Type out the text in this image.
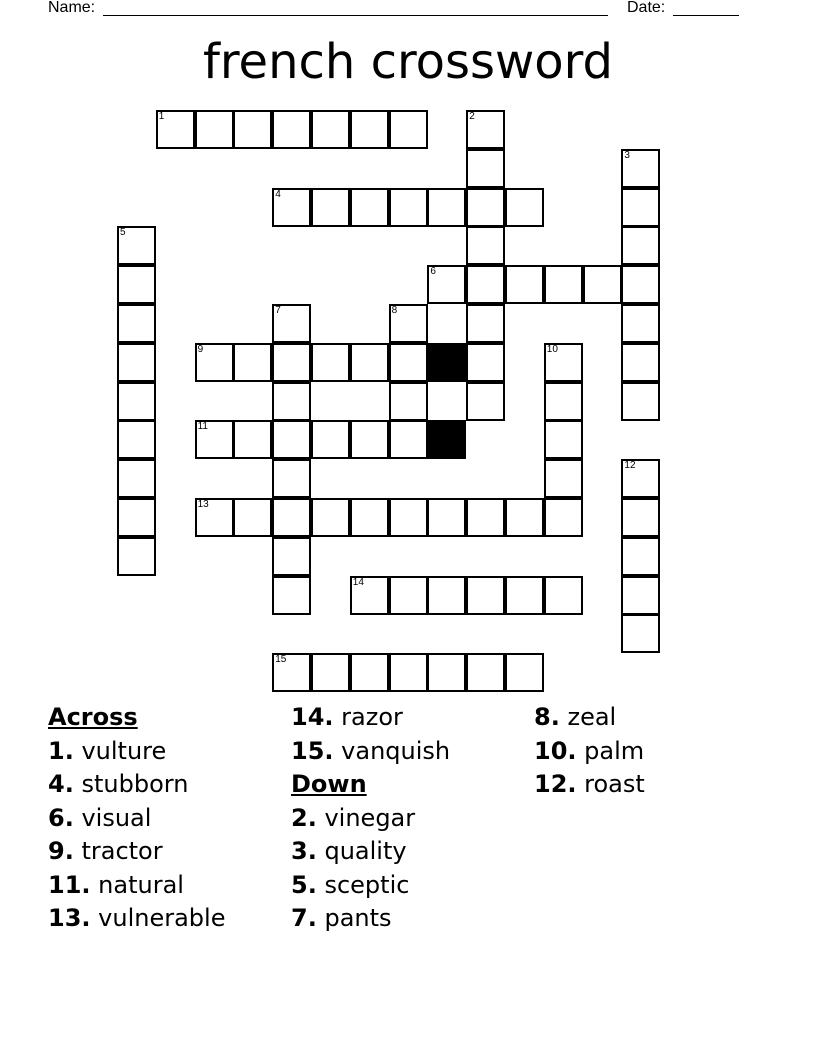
Name:	Date:
french crossword
1	2
3
4
5
6
7	8
9	10
11
12
13
14
15
Across
1. vulture
4. stubborn
6. visual
9. tractor
11. natural
13. vulnerable
14. razor
15. vanquish
Down
2. vinegar
3. quality
5. sceptic
7. pants
8. zeal
10. palm
12. roast
